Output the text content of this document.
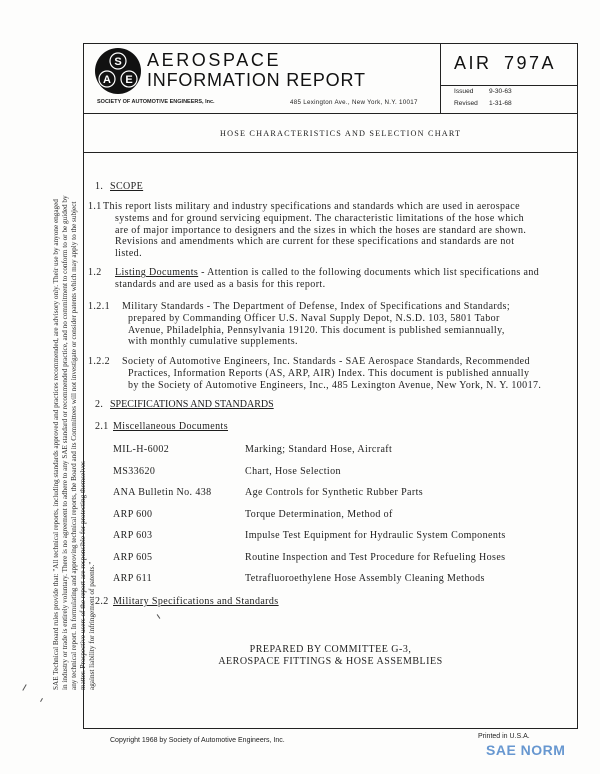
S
A E
AEROSPACE
INFORMATION REPORT
SOCIETY OF AUTOMOTIVE ENGINEERS, Inc.	485 Lexington Ave., New York, N.Y. 10017
AIR 797A
Issued 9-30-63
Revised 1-31-68
HOSE CHARACTERISTICS AND SELECTION CHART
SAE Technical Board rules provide that: "All technical reports, including standards approved and practices recommended, are advisory only. Their use by anyone engaged in industry or trade is entirely voluntary. There is no agreement to adhere to any SAE standard or recommended practice, and no commitment to conform to or be guided by any technical report. In formulating and approving technical reports, the Board and its Committees will not investigate or consider patents which may apply to the subject matter. Prospective users of the report are responsible for protecting themselves against liability for infringement of patents."
1. SCOPE
1.1 This report lists military and industry specifications and standards which are used in aerospace
systems and for ground servicing equipment. The characteristic limitations of the hose which
are of major importance to designers and the sizes in which the hoses are standard are shown.
Revisions and amendments which are current for these specifications and standards are not
listed.
1.2 Listing Documents - Attention is called to the following documents which list specifications and
standards and are used as a basis for this report.
1.2.1 Military Standards - The Department of Defense, Index of Specifications and Standards;
prepared by Commanding Officer U.S. Naval Supply Depot, N.S.D. 103, 5801 Tabor
Avenue, Philadelphia, Pennsylvania 19120. This document is published semiannually,
with monthly cumulative supplements.
1.2.2 Society of Automotive Engineers, Inc. Standards - SAE Aerospace Standards, Recommended
Practices, Information Reports (AS, ARP, AIR) Index. This document is published annually
by the Society of Automotive Engineers, Inc., 485 Lexington Avenue, New York, N. Y. 10017.
2. SPECIFICATIONS AND STANDARDS
2.1 Miscellaneous Documents
MIL-H-6002	Marking; Standard Hose, Aircraft
MS33620	Chart, Hose Selection
ANA Bulletin No. 438	Age Controls for Synthetic Rubber Parts
ARP 600	Torque Determination, Method of
ARP 603	Impulse Test Equipment for Hydraulic System Components
ARP 605	Routine Inspection and Test Procedure for Refueling Hoses
ARP 611	Tetrafluoroethylene Hose Assembly Cleaning Methods
2.2 Military Specifications and Standards
PREPARED BY COMMITTEE G-3,
AEROSPACE FITTINGS & HOSE ASSEMBLIES
Copyright 1968 by Society of Automotive Engineers, Inc.
Printed in U.S.A.
SAE NORM
